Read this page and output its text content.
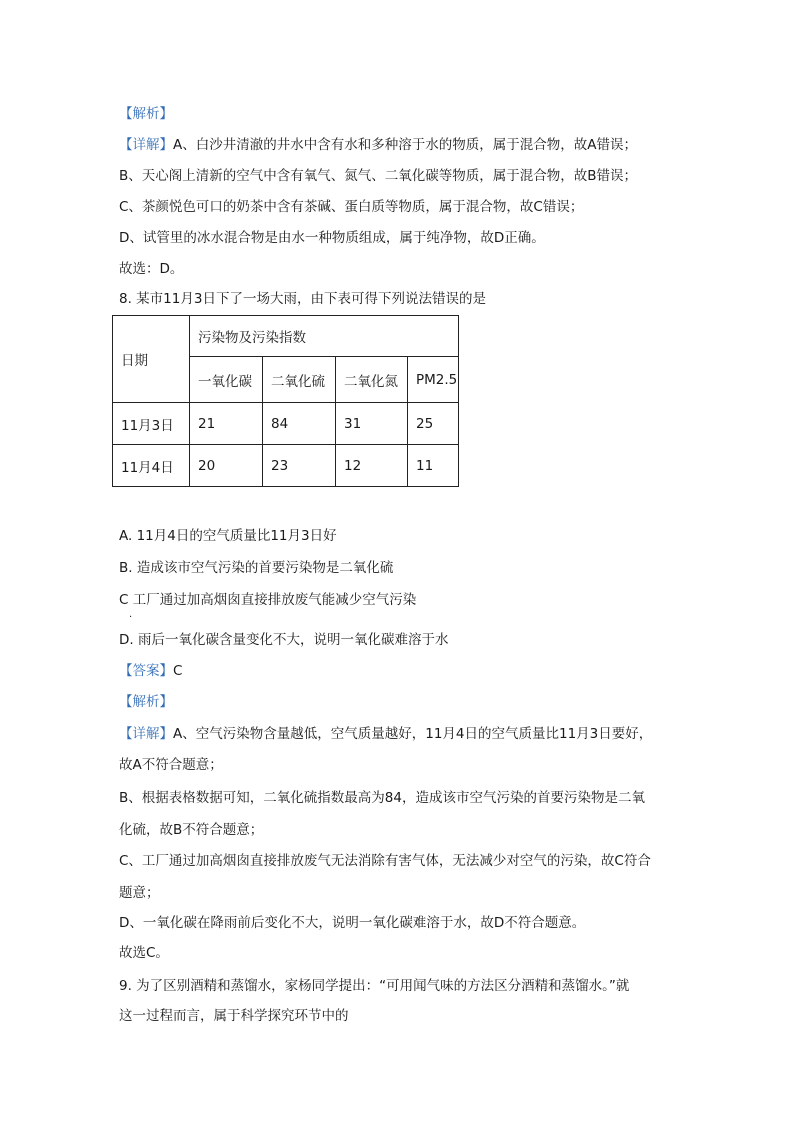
【解析】
【详解】A、白沙井清澈的井水中含有水和多种溶于水的物质，属于混合物，故A错误；
B、天心阁上清新的空气中含有氧气、氮气、二氧化碳等物质，属于混合物，故B错误；
C、茶颜悦色可口的奶茶中含有茶碱、蛋白质等物质，属于混合物，故C错误；
D、试管里的冰水混合物是由水一种物质组成，属于纯净物，故D正确。
故选：D。
8. 某市11月3日下了一场大雨，由下表可得下列说法错误的是
日期	污染物及污染指数			
	一氧化碳	二氧化硫	二氧化氮	PM2.5
11月3日	21	84	31	25
11月4日	20	23	12	11
A. 11月4日的空气质量比11月3日好
B. 造成该市空气污染的首要污染物是二氧化硫
C 工厂通过加高烟囱直接排放废气能减少空气污染
.
D. 雨后一氧化碳含量变化不大，说明一氧化碳难溶于水
【答案】C
【解析】
【详解】A、空气污染物含量越低，空气质量越好，11月4日的空气质量比11月3日要好，
故A不符合题意；
B、根据表格数据可知，二氧化硫指数最高为84，造成该市空气污染的首要污染物是二氧
化硫，故B不符合题意；
C、工厂通过加高烟囱直接排放废气无法消除有害气体，无法减少对空气的污染，故C符合
题意；
D、一氧化碳在降雨前后变化不大，说明一氧化碳难溶于水，故D不符合题意。
故选C。
9. 为了区别酒精和蒸馏水，家杨同学提出：“可用闻气味的方法区分酒精和蒸馏水。”就
这一过程而言，属于科学探究环节中的
